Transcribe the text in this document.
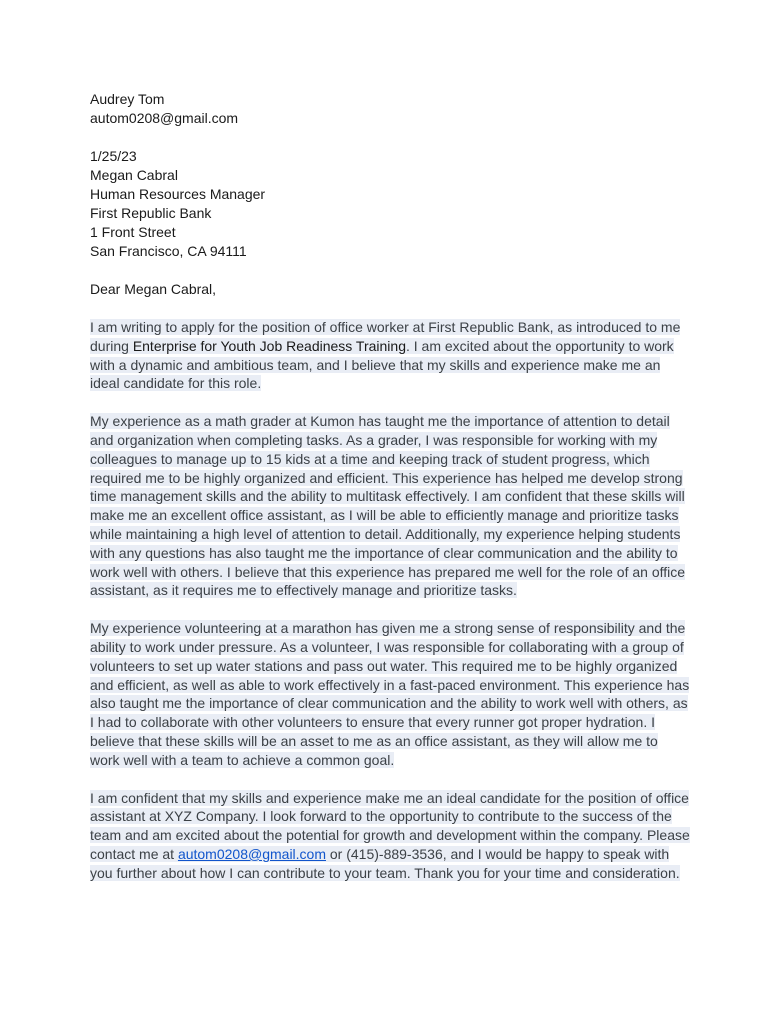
Audrey Tom
autom0208@gmail.com
1/25/23
Megan Cabral
Human Resources Manager
First Republic Bank
1 Front Street
San Francisco, CA 94111
Dear Megan Cabral,

I am writing to apply for the position of office worker at First Republic Bank, as introduced to me during Enterprise for Youth Job Readiness Training. I am excited about the opportunity to work with a dynamic and ambitious team, and I believe that my skills and experience make me an ideal candidate for this role.

My experience as a math grader at Kumon has taught me the importance of attention to detail and organization when completing tasks. As a grader, I was responsible for working with my colleagues to manage up to 15 kids at a time and keeping track of student progress, which required me to be highly organized and efficient. This experience has helped me develop strong time management skills and the ability to multitask effectively. I am confident that these skills will make me an excellent office assistant, as I will be able to efficiently manage and prioritize tasks while maintaining a high level of attention to detail. Additionally, my experience helping students with any questions has also taught me the importance of clear communication and the ability to work well with others. I believe that this experience has prepared me well for the role of an office assistant, as it requires me to effectively manage and prioritize tasks.

My experience volunteering at a marathon has given me a strong sense of responsibility and the ability to work under pressure. As a volunteer, I was responsible for collaborating with a group of volunteers to set up water stations and pass out water. This required me to be highly organized and efficient, as well as able to work effectively in a fast-paced environment. This experience has also taught me the importance of clear communication and the ability to work well with others, as I had to collaborate with other volunteers to ensure that every runner got proper hydration. I believe that these skills will be an asset to me as an office assistant, as they will allow me to work well with a team to achieve a common goal.

I am confident that my skills and experience make me an ideal candidate for the position of office assistant at XYZ Company. I look forward to the opportunity to contribute to the success of the team and am excited about the potential for growth and development within the company. Please contact me at autom0208@gmail.com or (415)-889-3536, and I would be happy to speak with you further about how I can contribute to your team. Thank you for your time and consideration.
